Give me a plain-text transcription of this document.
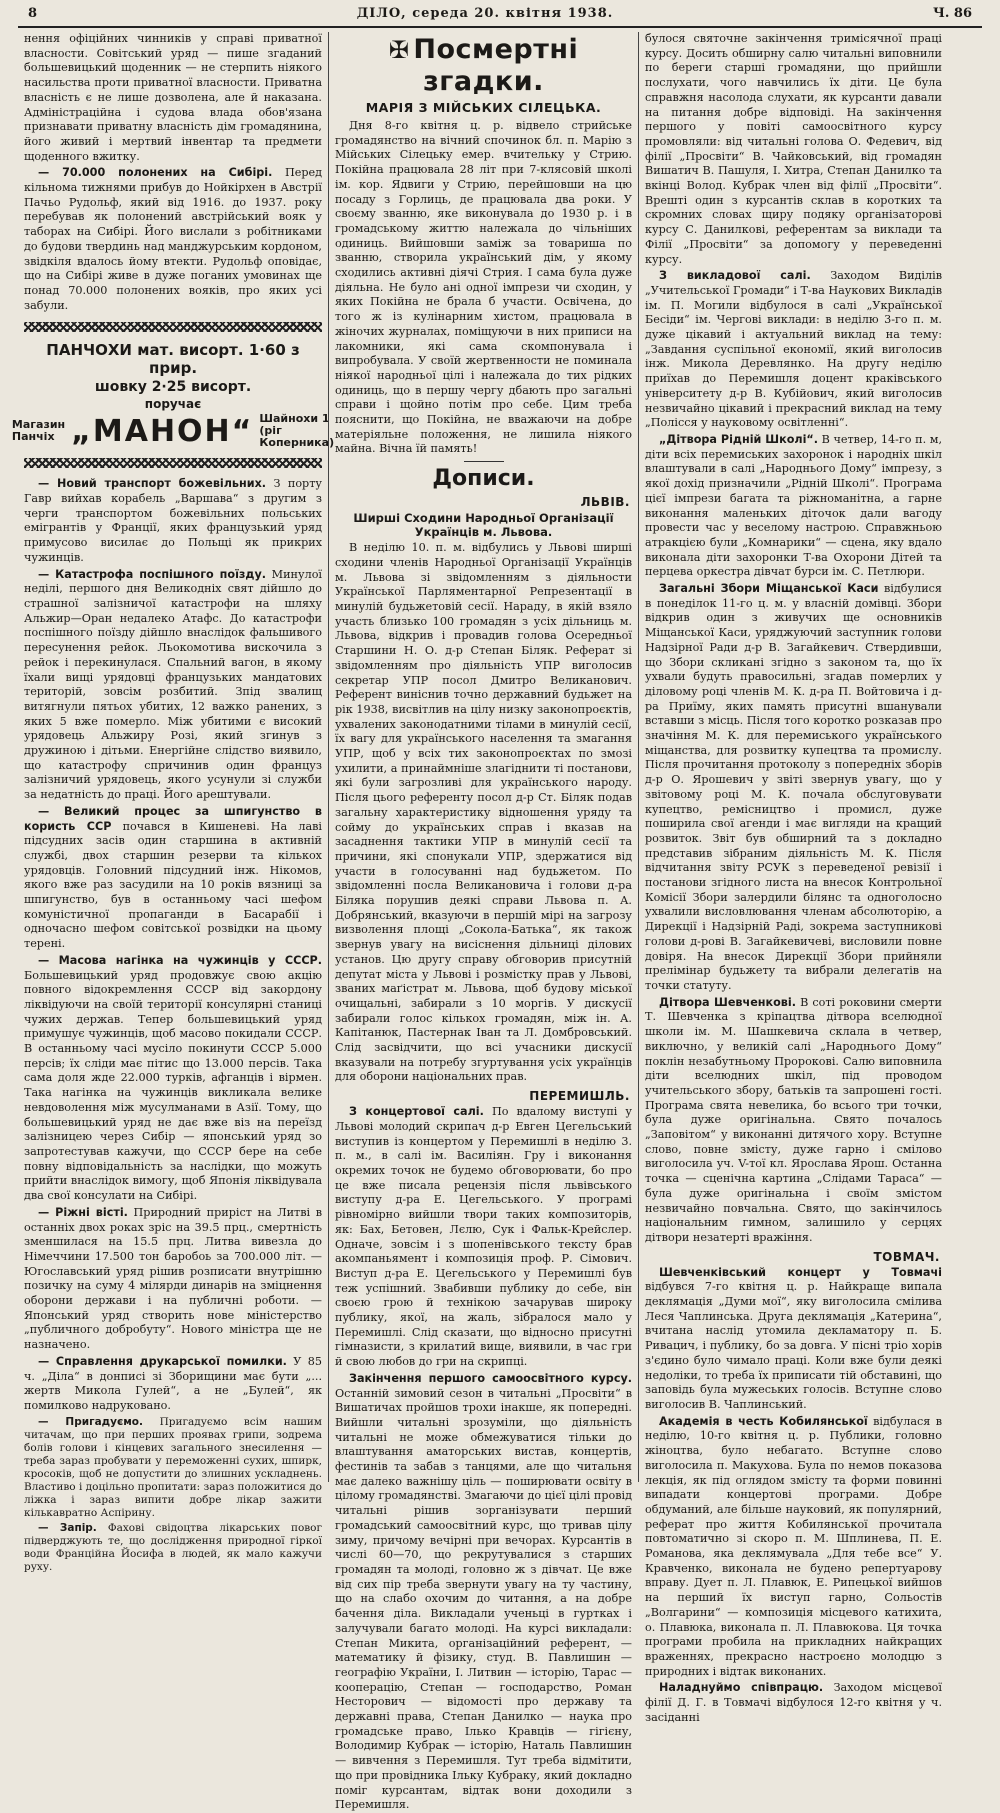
8	ДІЛО, середа 20. квітня 1938.	Ч. 86

нення офіційних чинників у справі приватної власности. Совітський уряд — пише згаданий большевицький щоденник — не стерпить ніякого насильства проти приватної власности. Приватна власність є не лише дозволена, але й наказана. Адміністраційна і судова влада обов'язана признавати приватну власність дім громадянина, його живий і мертвий інвентар та предмети щоденного вжитку.

— 70.000 полонених на Сибірі. Перед кільнома тижнями прибув до Нойкірхен в Австрії Пачьо Рудольф, який від 1916. до 1937. року перебував як полонений австрійський вояк у таборах на Сибірі. Його вислали з робітниками до будови твердинь над манджурським кордоном, звідкіля вдалось йому втекти. Рудольф оповідає, що на Сибірі живе в дуже поганих умовинах ще понад 70.000 полонених вояків, про яких усі забули.

ПАНЧОХИ мат. висорт. 1·60 з прир.
шовку 2·25 висорт.
поручає
Магазин Панчіх „МАНОН“ Шайнохи 1 (ріг Коперника)

— Новий транспорт божевільних. З порту Гавр вийхав корабель „Варшава“ з другим з черги транспортом божевільних польських емігрантів у Франції, яких французький уряд примусово висилає до Польщі як прикрих чужинців.

— Катастрофа поспішного поїзду. Минулої неділі, першого дня Великодніх свят дійшло до страшної залізничої катастрофи на шляху Альжир—Оран недалеко Атафс. До катастрофи поспішного поїзду дійшло внаслідок фальшивого пересунення рейок. Льокомотива вискочила з рейок і перекинулася. Спальний вагон, в якому їхали вищі урядовці французьких мандатових територій, зовсім розбитий. Зпід звалищ витягнули пятьох убитих, 12 важко ранених, з яких 5 вже померло. Між убитими є високий урядовець Альжиру Розі, який згинув з дружиною і дітьми. Енергійне слідство виявило, що катастрофу спричинив один француз залізничий урядовець, якого усунули зі служби за недатність до праці. Його арештували.

— Великий процес за шпигунство в користь ССР почався в Кишеневі. На лаві підсудних засів один старшина в активній службі, двох старшин резерви та кількох урядовців. Головний підсудний інж. Нікомов, якого вже раз засудили на 10 років вязниці за шпигунство, був в останньому часі шефом комуністичної пропаганди в Басарабії і одночасно шефом совітської розвідки на цьому терені.

— Масова нагінка на чужинців у СССР. Большевицький уряд продовжує свою акцію повного відокремлення СССР від закордону ліквідуючи на своїй території консулярні станиці чужих держав. Тепер большевицький уряд примушує чужинців, щоб масово покидали СССР. В останньому часі мусіло покинути СССР 5.000 персів; їх сліди має пітис що 13.000 персів. Така сама доля жде 22.000 турків, афганців і вірмен. Така нагінка на чужинців викликала велике невдоволення між мусулманами в Азії. Тому, що большевицький уряд не дає вже віз на переїзд залізницею через Сибір — японський уряд зо запротестував кажучи, що СССР бере на себе повну відповідальність за наслідки, що можуть прийти внаслідок вимогу, щоб Японія ліквідувала два свої консулати на Сибірі.

— Ріжні вісті. Природний приріст на Литві в останніх двох роках зріс на 39.5 прц., смертність зменшилася на 15.5 прц. Литва вивезла до Німеччини 17.500 тон баробоь за 700.000 літ. — Югославський уряд рішив розписати внутрішню позичку на суму 4 мілярди динарів на зміцнення оборони держави і на публичні роботи. — Японський уряд створить нове міністерство „публичного добробуту“. Нового міністра ще не назначено.

— Справлення друкарської помилки. У 85 ч. „Діла“ в донписі зі Зборищини має бути „... жертв Микола Гулей“, а не „Булей“, як помилково надруковано.

— Пригадуємо. Пригадуємо всім нашим читачам, що при перших проявах грипи, зодрема болів голови і кінцевих загального знесилення — треба зараз пробувати у переможенні сухих, шпирк, кросоків, щоб не допустити до злишних ускладнень. Властиво і доцільно пропитати: зараз положитися до ліжка і зараз випити добре лікар зажити кількавратно Аспірину.

— Запір. Фахові свідоцтва лікарських повог підверджують те, що дослідження природної гіркої води Франційна Йосифа в людей, як мало кажучи руху.

✠ Посмертні згадки.
МАРІЯ З МІЙСЬКИХ СІЛЕЦЬКА.

Дня 8-го квітня ц. р. відвело стрийське громадянство на вічний спочинок бл. п. Марію з Мійських Сілецьку емер. вчительку у Стрию. Покійна працювала 28 літ при 7-клясовій школі ім. кор. Ядвиги у Стрию, перейшовши на цю посаду з Горлиць, де працювала два роки. У своєму званню, яке виконувала до 1930 р. і в громадському життю належала до чільніших одиниць. Вийшовши заміж за товариша по званню, створила український дім, у якому сходились активні діячі Стрия. І сама була дуже діяльна. Не було ані одної імпрези чи сходин, у яких Покійна не брала б участи. Освічена, до того ж із кулінарним хистом, працювала в жіночих журналах, поміщуючи в них приписи на лакомники, які сама скомпонувала і випробувала. У своїй жертвенности не поминала ніякої народньої цілі і належала до тих рідких одиниць, що в першу чергу дбають про загальні справи і щойно потім про себе. Цим треба пояснити, що Покійна, не вважаючи на добре матеріяльне положення, не лишила ніякого майна. Вічна їй память!

Дописи.
ЛЬВІВ.
Ширші Сходини Народньої Організації Українців м. Львова.

В неділю 10. п. м. відбулись у Львові ширші сходини членів Народньої Організації Українців м. Львова зі звідомленням з діяльности Української Парляментарної Репрезентації в минулій будьжетовій сесії. Нараду, в якій взяло участь близько 100 громадян з усіх дільниць м. Львова, відкрив і провадив голова Осередньої Старшини Н. О. д-р Степан Біляк. Реферат зі звідомленням про діяльність УПР виголосив секретар УПР посол Дмитро Великанович. Референт виніснив точно державний будьжет на рік 1938, висвітлив на цілу низку законопроєктів, ухвалених законодатними тілами в минулій сесії, їх вагу для українського населення та змагання УПР, щоб у всіх тих законопроєктах по змозі ухилити, а принаймніше злагіднити ті постанови, які були загрозливі для українського народу. Після цього референту посол д-р Ст. Біляк подав загальну характеристику відношення уряду та сойму до українських справ і вказав на засаднення тактики УПР в минулій сесії та причини, які спонукали УПР, здержатися від участи в голосуванні над будьжетом. По звідомленні посла Великановича і голови д-ра Біляка порушив деякі справи Львова п. А. Добрянський, вказуючи в першій мірі на загрозу визволення площі „Сокола-Батька“, як також звернув увагу на висіснення дільниці ділових установ. Цю другу справу обговорив присутній депутат міста у Львові і розмістку прав у Львові, званих маґістрат м. Львова, щоб будову міської очищальні, забирали з 10 моргів. У дискусії забирали голос кількох громадян, між ін. А. Капітанюк, Пастернак Іван та Л. Домбровський. Слід засвідчити, що всі учасники дискусії вказували на потребу згуртування усіх українців для оборони національних прав.

ПЕРЕМИШЛЬ.

З концертової салі. По вдалому виступі у Львові молодий скрипач д-р Евген Цегельський виступив із концертом у Перемишлі в неділю 3. п. м., в салі ім. Василіян. Гру і виконання окремих точок не будемо обговорювати, бо про це вже писала рецензія після львівського виступу д-ра Е. Цегельського. У програмі рівномірно вийшли твори таких композиторів, як: Бах, Бетовен, Лєлю, Сук і Фальк-Крейслер. Одначе, зовсім і з шопенівського тексту брав акомпаньямент і композиція проф. Р. Сімович. Виступ д-ра Е. Цегельського у Перемишлі був теж успішний. Звабивши публику до себе, він своєю грою й технікою зачарував широку публику, якої, на жаль, зібралося мало у Перемишлі. Слід сказати, що відносно присутні гімназисти, з крилатий вище, виявили, в час гри й свою любов до гри на скрипці.

Закінчення першого самоосвітного курсу. Останній зимовий сезон в читальні „Просвіти“ в Вишатичах пройшов трохи інакше, як попередні. Вийшли читальні зрозуміли, що діяльність читальні не може обмежуватися тільки до влаштування аматорських вистав, концертів, фестинів та забав з танцями, але що читальня має далеко важнішу ціль — поширювати освіту в цілому громадянстві. Змагаючи до цієї цілі провід читальні рішив зорганізувати перший громадський самоосвітний курс, що тривав цілу зиму, причому вечірні при вечорах. Курсантів в числі 60—70, що рекрутувалися з старших громадян та молоді, головно ж з дівчат. Це вже від сих пір треба звернути увагу на ту частину, що на слабо охочим до читання, а на добре бачення діла. Викладали ученьці в гуртках і залучували багато молоді. На курсі викладали: Степан Микита, організаційний референт, — математику й фізику, студ. В. Павлишин — географію України, І. Литвин — історію, Тарас — кооперацію, Степан — господарство, Роман Несторович — відомості про державу та державні права, Степан Данилко — наука про громадське право, Ілько Кравців — гігієну, Володимир Кубрак — історію, Наталь Павлишин — вивчення з Перемишля. Тут треба відмітити, що при провідника Ільку Кубраку, який докладно поміг курсантам, відтак вони доходили з Перемишля.

булося святочне закінчення тримісячної праці курсу. Досить обширну салю читальні виповнили по береги старші громадяни, що прийшли послухати, чого навчились їх діти. Це була справжня насолода слухати, як курсанти давали на питання добре відповіді. На закінчення першого у повіті самоосвітного курсу промовляли: від читальні голова О. Федевич, від філії „Просвіти“ В. Чайковський, від громадян Вишатич В. Пашуля, І. Хитра, Степан Данилко та вкінці Волод. Кубрак член від філії „Просвіти“. Врешті один з курсантів склав в коротких та скромних словах щиру подяку організаторові курсу С. Данилкові, референтам за виклади та Філії „Просвіти“ за допомогу у переведенні курсу.

З викладової салі. Заходом Виділів „Учительської Громади“ і Т-ва Наукових Викладів ім. П. Могили відбулося в салі „Української Бесіди“ ім. Чергові виклади: в неділю 3-го п. м. дуже цікавий і актуальний виклад на тему: „Завдання суспільної економії, який виголосив інж. Микола Деревлянко. На другу неділю приїхав до Перемишля доцент краківського університету д-р В. Кубійович, який виголосив незвичайно цікавий і прекрасний виклад на тему „Полісся у науковому освітленні“.

„Дітвора Рідній Школі“. В четвер, 14-го п. м, діти всіх перемиських захоронок і народніх шкіл влаштували в салі „Народнього Дому“ імпрезу, з якої дохід призначили „Рідній Школі“. Програма цієї імпрези багата та ріжноманітна, а гарне виконання маленьких діточок дали вагоду провести час у веселому настрою. Справжньою атракцією були „Комнарики“ — сцена, яку вдало виконала діти захоронки Т-ва Охорони Дітей та перцева оркестра дівчат бурси ім. С. Петлюри.

Загальні Збори Міщанської Каси відбулися в понеділок 11-го ц. м. у власній домівці. Збори відкрив один з живучих ще основників Міщанської Каси, уряджуючий заступник голови Надзірної Ради д-р В. Загайкевич. Ствердивши, що Збори скликані згідно з законом та, що їх ухвали будуть правосильні, згадав померлих у діловому році членів М. К. д-ра П. Войтовича і д-ра Приїму, яких память присутні вшанували вставши з місць. Після того коротко розказав про значіння М. К. для перемиського українського міщанства, для розвитку купецтва та промислу. Після прочитання протоколу з попередніх зборів д-р О. Ярошевич у звіті звернув увагу, що у звітовому році М. К. почала обслуговувати купецтво, ремісництво і промисл, дуже поширила свої агенди і має вигляди на кращий розвиток. Звіт був обширний та з докладно представив зібраним діяльність М. К. Після відчитання звіту РСУК з переведеної ревізії і постанови згідного листа на внесок Контрольної Комісії Збори залердили білянс та одноголосно ухвалили висловлювання членам абсолюторію, а Дирекції і Надзірній Раді, зокрема заступникові голови д-рові В. Загайкевичеві, висловили повне довіря. На внесок Дирекції Збори прийняли прелімінар будьжету та вибрали делегатів на точки статуту.

Дітвора Шевченкові. В соті роковини смерти Т. Шевченка з кріпацтва дітвора вселюдної школи ім. М. Шашкевича склала в четвер, виключно, у великій салі „Народнього Дому“ поклін незабутньому Пророкові. Салю виповнила діти вселюдних шкіл, під проводом учительського збору, батьків та запрошені гості. Програма свята невелика, бо всього три точки, була дуже оригінальна. Свято почалось „Заповітом“ у виконанні дитячого хору. Вступне слово, повне змісту, дуже гарно і смілово виголосила уч. V-тої кл. Ярослава Ярош. Останна точка — сценічна картина „Слідами Тараса“ — була дуже оригінальна і своїм змістом незвичайно повчальна. Свято, що закінчилось національним гимном, залишило у серцях дітвори незатерті вражіння.

ТОВМАЧ.

Шевченківський концерт у Товмачі відбувся 7-го квітня ц. р. Найкраще випала деклямація „Думи мої“, яку виголосила смілива Леся Чаплинська. Друга деклямація „Катерина“, вчитана наслід утомила декламатору п. Б. Ривацич, і публику, бо за довга. У пісні тріо хорів з'єдино було чимало праці. Коли вже були деякі недоліки, то треба їх приписати тій обставині, що заповідь була мужеських голосів. Вступне слово виголосив В. Чаплинський.

Академія в честь Кобилянської відбулася в неділю, 10-го квітня ц. р. Публики, головно жіноцтва, було небагато. Вступне слово виголосила п. Макухова. Була по немов показова лекція, як під оглядом змісту та форми повинні випадати концертові програми. Добре обдуманий, але більше науковий, як популярний, реферат про життя Кобилянської прочитала повтоматично зі скоро п. М. Шплинева, П. Е. Романова, яка деклямувала „Для тебе все“ У. Кравченко, виконала не будено репертуарову вправу. Дует п. Л. Плавюк, Е. Рипецької вийшов на перший їх виступ гарно, Сольостів „Волгарини“ — композиція місцевого катихита, о. Плавюка, виконала п. Л. Плавюкова. Ця точка програми пробила на прикладних найкращих враженнях, прекрасно настроєно молодцю з природних і відтак виконаних.

Наладнуймо співпрацю. Заходом місцевої філії Д. Г. в Товмачі відбулося 12-го квітня у ч. засіданні
